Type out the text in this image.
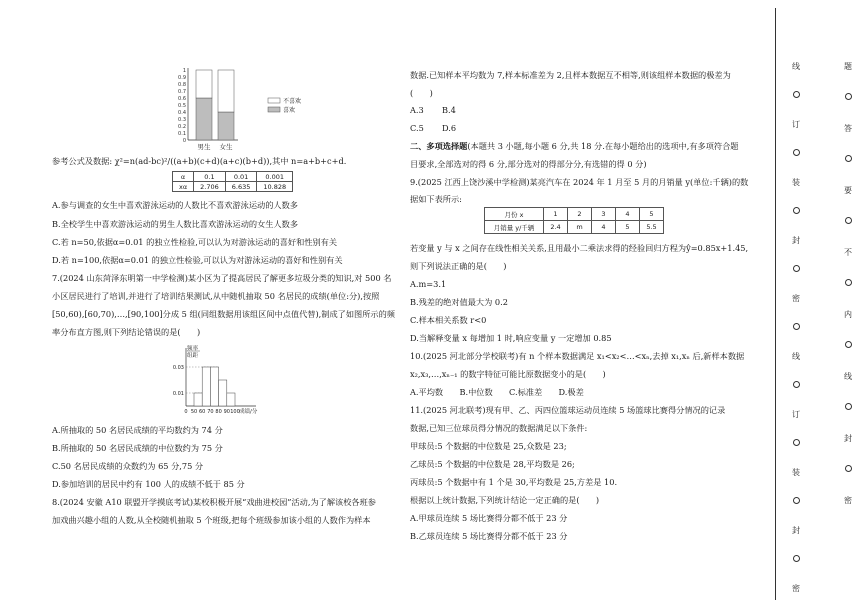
0
0.1
0.2
0.3
0.4
0.5
0.6
0.7
0.8
0.9
1
男生 女生
不喜欢
喜欢
参考公式及数据: χ²=n(ad-bc)²/((a+b)(c+d)(a+c)(b+d)),其中 n=a+b+c+d.
α	0.1	0.01	0.001
xα	2.706	6.635	10.828
A.参与调查的女生中喜欢游泳运动的人数比不喜欢游泳运动的人数多
B.全校学生中喜欢游泳运动的男生人数比喜欢游泳运动的女生人数多
C.若 n=50,依据α=0.01 的独立性检验,可以认为对游泳运动的喜好和性别有关
D.若 n=100,依据α=0.01 的独立性检验,可以认为对游泳运动的喜好和性别有关
7.(2024 山东菏泽东明第一中学检测)某小区为了提高居民了解更多垃圾分类的知识,对 500 名
小区居民进行了培训,并进行了培训结果测试,从中随机抽取 50 名居民的成绩(单位:分),按照
[50,60),[60,70),…,[90,100]分成 5 组(同组数据用该组区间中点值代替),制成了如图所示的频
率分布直方图,则下列结论错误的是(　　)
频率
组距
0.03
0.01
0 50 60 70 80 90 100 成绩/分
A.所抽取的 50 名居民成绩的平均数约为 74 分
B.所抽取的 50 名居民成绩的中位数约为 75 分
C.50 名居民成绩的众数约为 65 分,75 分
D.参加培训的居民中约有 100 人的成绩不低于 85 分
8.(2024 安徽 A10 联盟开学摸底考试)某校积极开展“戏曲进校园”活动,为了解该校各班参
加戏曲兴趣小组的人数,从全校随机抽取 5 个班级,把每个班级参加该小组的人数作为样本
数据.已知样本平均数为 7,样本标准差为 2,且样本数据互不相等,则该组样本数据的极差为
(　　)
A.3 B.4
C.5 D.6
二、多项选择题(本题共 3 小题,每小题 6 分,共 18 分.在每小题给出的选项中,有多项符合题
目要求,全部选对的得 6 分,部分选对的得部分分,有选错的得 0 分)
9.(2025 江西上饶沙溪中学检测)某亮汽车在 2024 年 1 月至 5 月的月销量 y(单位:千辆)的数
据如下表所示:
月份 x	1	2	3	4	5
月销量 y/千辆	2.4	m	4	5	5.5
若变量 y 与 x 之间存在线性相关关系,且用最小二乘法求得的经验回归方程为ŷ=0.85x+1.45,
则下列说法正确的是(　　)
A.m=3.1
B.残差的绝对值最大为 0.2
C.样本相关系数 r<0
D.当解释变量 x 每增加 1 时,响应变量 y 一定增加 0.85
10.(2025 河北部分学校联考)有 n 个样本数据满足 x₁<x₂<…<xₙ,去掉 x₁,xₙ 后,新样本数据
x₂,x₃,…,xₙ₋₁ 的数字特征可能比原数据变小的是(　　)
A.平均数　　B.中位数　　C.标准差　　D.极差
11.(2025 河北联考)现有甲、乙、丙四位篮球运动员连续 5 场篮球比赛得分情况的记录
数据,已知三位球员得分情况的数据满足以下条件:
甲球员:5 个数据的中位数是 25,众数是 23;
乙球员:5 个数据的中位数是 28,平均数是 26;
丙球员:5 个数据中有 1 个是 30,平均数是 25,方差是 10.
根据以上统计数据,下列统计结论一定正确的是(　　)
A.甲球员连续 5 场比赛得分都不低于 23 分
B.乙球员连续 5 场比赛得分都不低于 23 分
线
订
装
封
密
线
订
装
封
密
题
答
要
不
内
线
封
密
